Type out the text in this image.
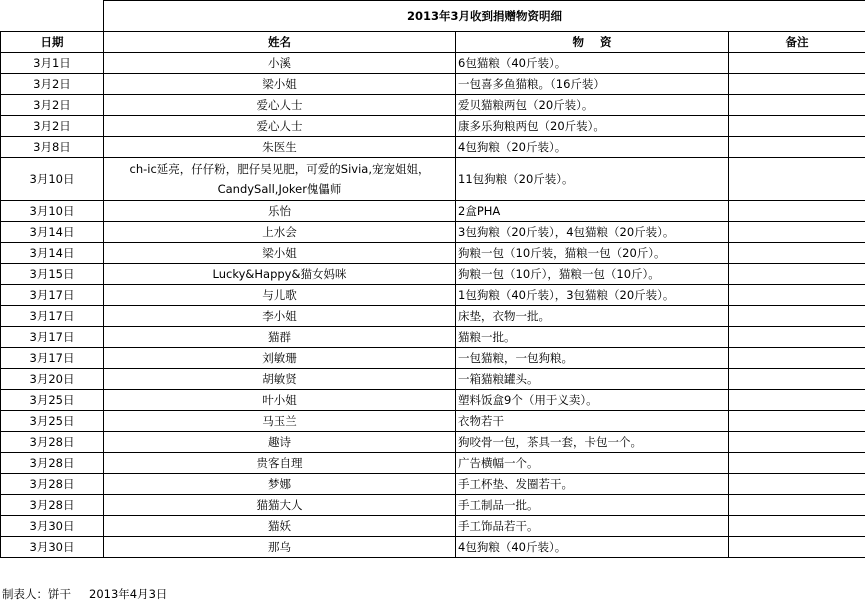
	2013年3月收到捐赠物资明细		
日期	姓名	物    资	备注
3月1日	小溪	6包猫粮（40斤装）。	
3月2日	梁小姐	一包喜多鱼猫粮。（16斤装）	
3月2日	爱心人士	爱贝猫粮两包（20斤装）。	
3月2日	爱心人士	康多乐狗粮两包（20斤装）。	
3月8日	朱医生	4包狗粮（20斤装）。	
3月10日	ch-ic延亮，仔仔粉，肥仔吴见肥，可爱的Sivia,宠宠姐姐，CandySall,Joker傀儡师	11包狗粮（20斤装）。	
3月10日	乐怡	2盒PHA	
3月14日	上水会	3包狗粮（20斤装），4包猫粮（20斤装）。	
3月14日	梁小姐	狗粮一包（10斤装，猫粮一包（20斤）。	
3月15日	Lucky&Happy&猫女妈咪	狗粮一包（10斤），猫粮一包（10斤）。	
3月17日	与儿歌	1包狗粮（40斤装），3包猫粮（20斤装）。	
3月17日	李小姐	床垫，衣物一批。	
3月17日	猫群	猫粮一批。	
3月17日	刘敏珊	一包猫粮，一包狗粮。	
3月20日	胡敏贤	一箱猫粮罐头。	
3月25日	叶小姐	塑料饭盒9个（用于义卖）。	
3月25日	马玉兰	衣物若干	
3月28日	趣诗	狗咬骨一包，茶具一套，卡包一个。	
3月28日	贵客自理	广告横幅一个。	
3月28日	梦娜	手工杯垫、发圈若干。	
3月28日	猫猫大人	手工制品一批。	
3月30日	猫妖	手工饰品若干。	
3月30日	那乌	4包狗粮（40斤装）。	
制表人：饼干 2013年4月3日
